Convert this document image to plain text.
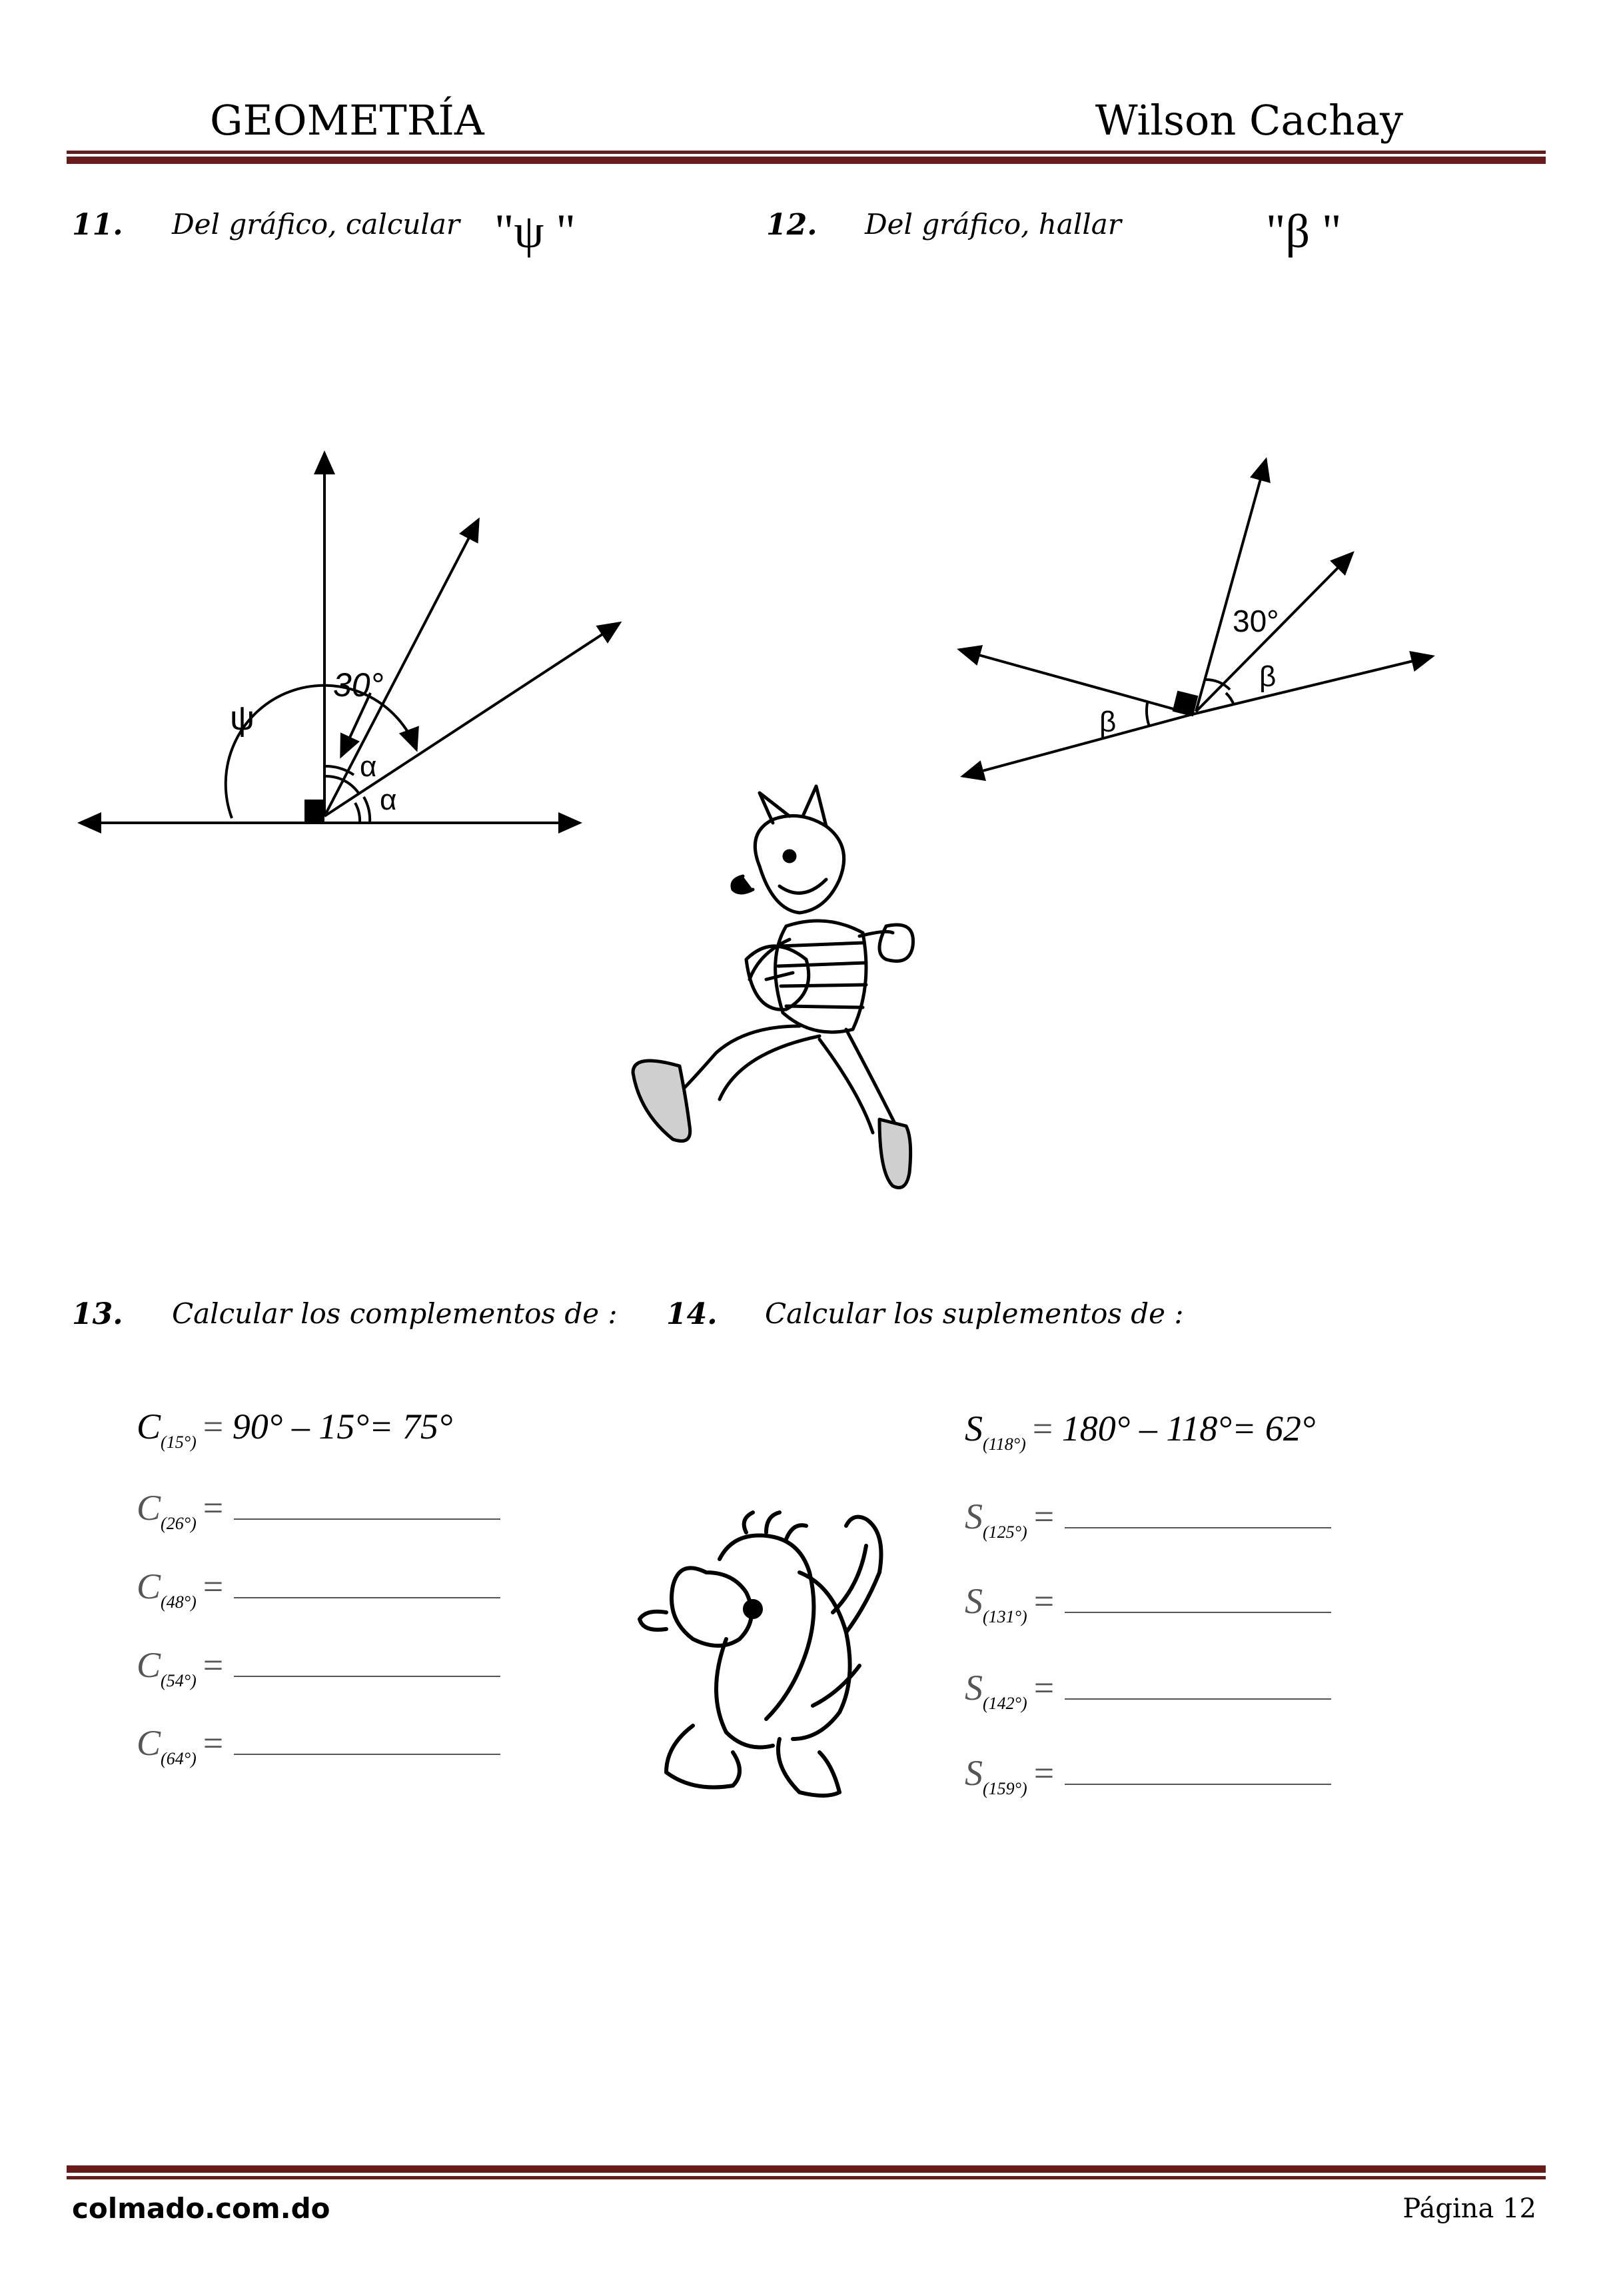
GEOMETRÍA	Wilson Cachay
11. Del gráfico, calcular "ψ "	12. Del gráfico, hallar	"β "
30°
ψ
α
α
30°
β
β
13. Calcular los complementos de :
$C_{(15^\circ)} = 90^\circ - 15^\circ= 75^\circ$
$C_{(26^\circ)}$ =
$C_{(48^\circ)}$ =
$C_{(54^\circ)}$ =
$C_{(64^\circ)}$ =
14. Calcular los suplementos de :
$S_{(118^\circ)} = 180^\circ - 118^\circ= 62^\circ$
$S_{(125^\circ)}$ =
$S_{(131^\circ)}$ =
$S_{(142^\circ)}$ =
$S_{(159^\circ)}$ =
colmado.com.do	Página 12
